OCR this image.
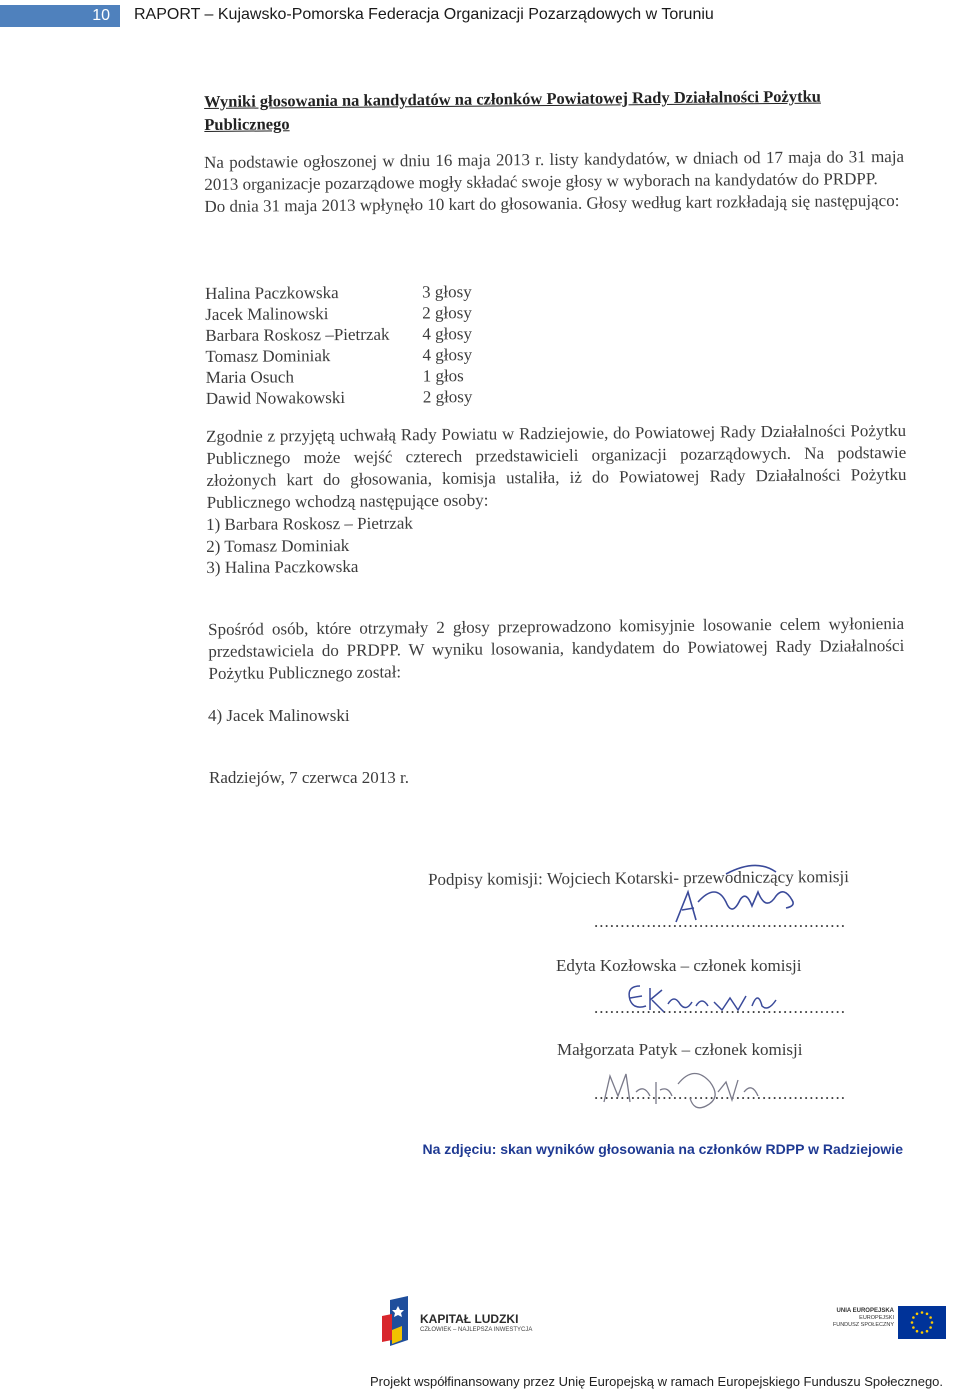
10	RAPORT – Kujawsko-Pomorska Federacja Organizacji Pozarządowych w Toruniu
Wyniki głosowania na kandydatów na członków Powiatowej Rady Działalności Pożytku Publicznego
Na podstawie ogłoszonej w dniu 16 maja 2013 r. listy kandydatów, w dniach od 17 maja do 31 maja 2013 organizacje pozarządowe mogły składać swoje głosy w wyborach na kandydatów do PRDPP.
Do dnia 31 maja 2013 wpłynęło 10 kart do głosowania. Głosy według kart rozkładają się następująco:
Halina Paczkowska	3 głosy
Jacek Malinowski	2 głosy
Barbara Roskosz –Pietrzak	4 głosy
Tomasz Dominiak	4 głosy
Maria Osuch	1 głos
Dawid Nowakowski	2 głosy
Zgodnie z przyjętą uchwałą Rady Powiatu w Radziejowie, do Powiatowej Rady Działalności Pożytku Publicznego może wejść czterech przedstawicieli organizacji pozarządowych. Na podstawie złożonych kart do głosowania, komisja ustaliła, iż do Powiatowej Rady Działalności Pożytku Publicznego wchodzą następujące osoby:
1) Barbara Roskosz – Pietrzak
2) Tomasz Dominiak
3) Halina Paczkowska
Spośród osób, które otrzymały 2 głosy przeprowadzono komisyjnie losowanie celem wyłonienia przedstawiciela do PRDPP. W wyniku losowania, kandydatem do Powiatowej Rady Działalności Pożytku Publicznego został:
4) Jacek Malinowski
Radziejów, 7 czerwca 2013 r.
Podpisy komisji: Wojciech Kotarski- przewodniczący komisji
................................................
Edyta Kozłowska – członek komisji
................................................
Małgorzata Patyk – członek komisji
................................................
Na zdjęciu: skan wyników głosowania na członków RDPP w Radziejowie
KAPITAŁ LUDZKI
CZŁOWIEK – NAJLEPSZA INWESTYCJA
UNIA EUROPEJSKA
EUROPEJSKI
FUNDUSZ SPOŁECZNY
Projekt współfinansowany przez Unię Europejską w ramach Europejskiego Funduszu Społecznego.
